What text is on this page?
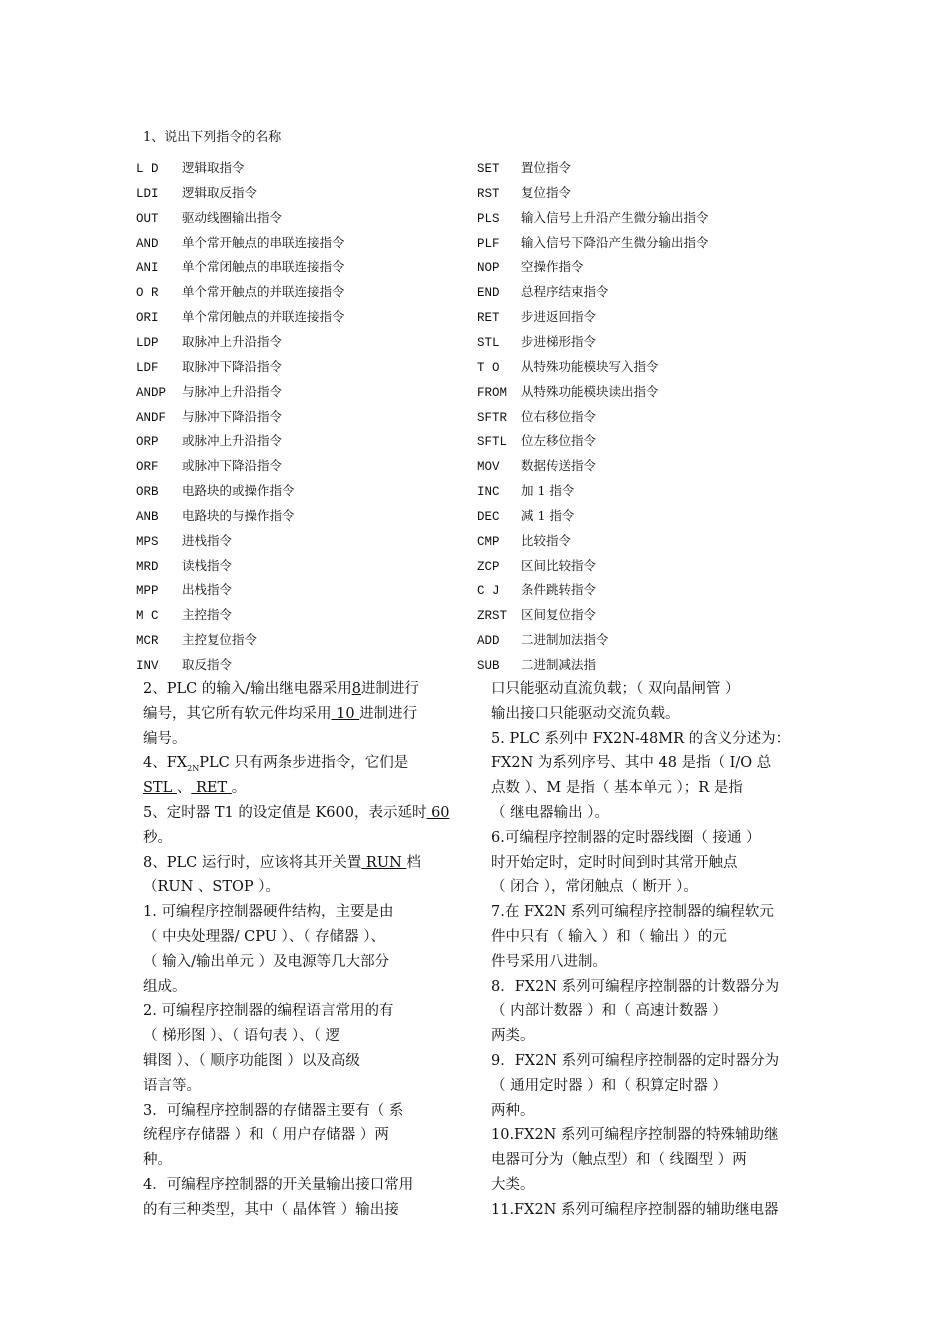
1、说出下列指令的名称
L D 逻辑取指令
LDI 逻辑取反指令
OUT 驱动线圈输出指令
AND 单个常开触点的串联连接指令
ANI 单个常闭触点的串联连接指令
O R 单个常开触点的并联连接指令
ORI 单个常闭触点的并联连接指令
LDP 取脉冲上升沿指令
LDF 取脉冲下降沿指令
ANDP 与脉冲上升沿指令
ANDF 与脉冲下降沿指令
ORP 或脉冲上升沿指令
ORF 或脉冲下降沿指令
ORB 电路块的或操作指令
ANB 电路块的与操作指令
MPS 进栈指令
MRD 读栈指令
MPP 出栈指令
M C 主控指令
MCR 主控复位指令
INV 取反指令
SET 置位指令
RST 复位指令
PLS 输入信号上升沿产生微分输出指令
PLF 输入信号下降沿产生微分输出指令
NOP 空操作指令
END 总程序结束指令
RET 步进返回指令
STL 步进梯形指令
T O 从特殊功能模块写入指令
FROM 从特殊功能模块读出指令
SFTR 位右移位指令
SFTL 位左移位指令
MOV 数据传送指令
INC 加 1 指令
DEC 减 1 指令
CMP 比较指令
ZCP 区间比较指令
C J 条件跳转指令
ZRST 区间复位指令
ADD 二进制加法指令
SUB 二进制减法指
2、PLC 的输入/输出继电器采用8进制进行
编号，其它所有软元件均采用 10 进制进行
编号。
4、$FX_{2N}PLC$ 只有两条步进指令，它们是
STL 、 RET 。
5、定时器 T1 的设定值是 K600，表示延时 60
秒。
8、PLC 运行时，应该将其开关置 RUN 档
（RUN 、STOP ）。
1. 可编程序控制器硬件结构，主要是由
（ 中央处理器/ CPU ）、（ 存储器 ）、
（ 输入/输出单元 ）及电源等几大部分
组成。
2. 可编程序控制器的编程语言常用的有
（ 梯形图 ）、（ 语句表 ）、（ 逻
辑图 ）、（ 顺序功能图 ）以及高级
语言等。
3．可编程序控制器的存储器主要有（ 系
统程序存储器 ）和（ 用户存储器 ）两
种。
4．可编程序控制器的开关量输出接口常用
的有三种类型，其中（ 晶体管 ）输出接
口只能驱动直流负载；（ 双向晶闸管 ）
输出接口只能驱动交流负载。
5. PLC 系列中 FX2N-48MR 的含义分述为：
FX2N 为系列序号、其中 48 是指（ I/O 总
点数 ）、M 是指（ 基本单元 ）；R 是指
（ 继电器输出 ）。
6.可编程序控制器的定时器线圈（ 接通 ）
时开始定时，定时时间到时其常开触点
（ 闭合 ），常闭触点（ 断开 ）。
7.在 FX2N 系列可编程序控制器的编程软元
件中只有（ 输入 ）和（ 输出 ）的元
件号采用八进制。
8．FX2N 系列可编程序控制器的计数器分为
（ 内部计数器 ）和（ 高速计数器 ）
两类。
9．FX2N 系列可编程序控制器的定时器分为
（ 通用定时器 ）和（ 积算定时器 ）
两种。
10.FX2N 系列可编程序控制器的特殊辅助继
电器可分为（触点型）和（ 线圈型 ）两
大类。
11.FX2N 系列可编程序控制器的辅助继电器
